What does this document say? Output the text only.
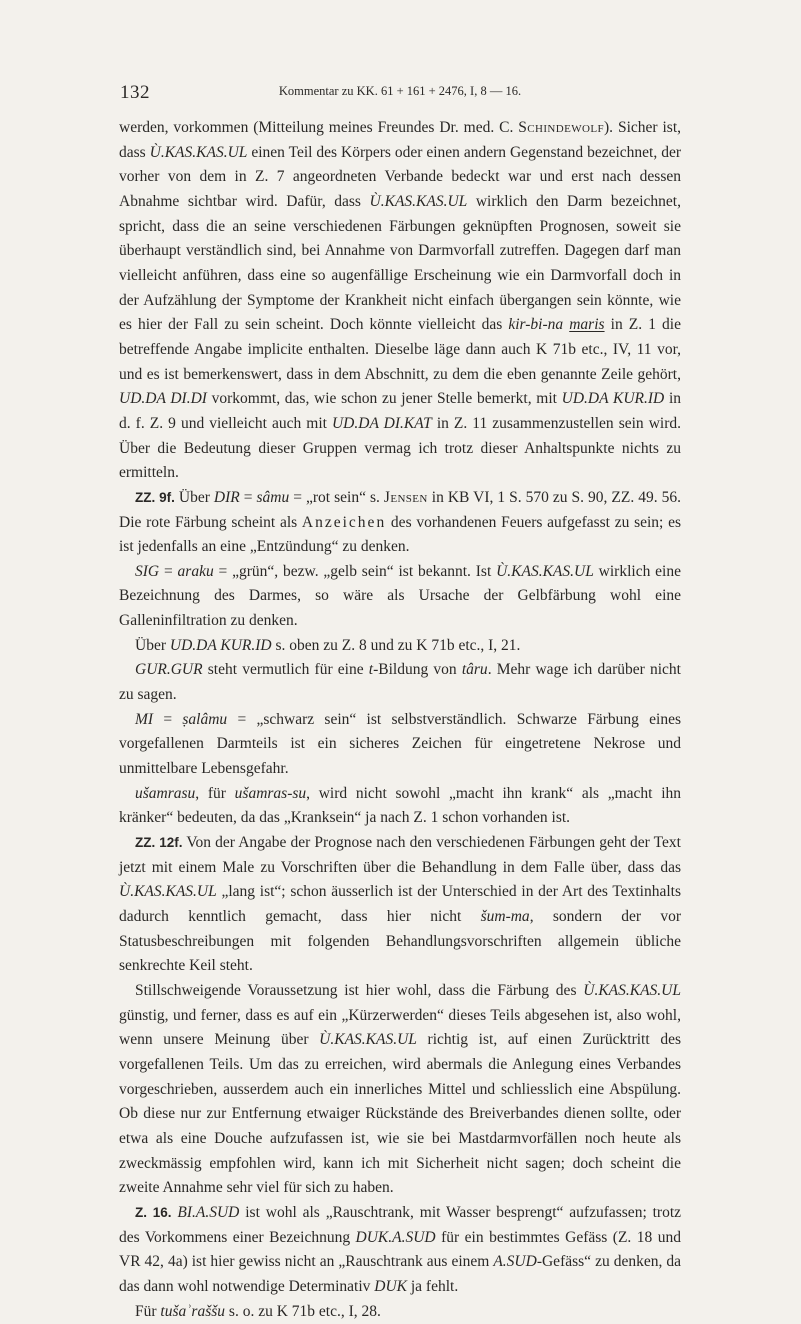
132	Kommentar zu KK. 61 + 161 + 2476, I, 8 — 16.

werden, vorkommen (Mitteilung meines Freundes Dr. med. C. Schindewolf). Sicher ist, dass Ù.KAS.KAS.UL einen Teil des Körpers oder einen andern Gegenstand bezeichnet, der vorher von dem in Z. 7 angeordneten Verbande bedeckt war und erst nach dessen Abnahme sichtbar wird. Dafür, dass Ù.KAS.KAS.UL wirklich den Darm bezeichnet, spricht, dass die an seine verschiedenen Färbungen geknüpften Prognosen, soweit sie überhaupt verständlich sind, bei Annahme von Darmvorfall zutreffen. Dagegen darf man vielleicht anführen, dass eine so augenfällige Erscheinung wie ein Darmvorfall doch in der Aufzählung der Symptome der Krankheit nicht einfach übergangen sein könnte, wie es hier der Fall zu sein scheint. Doch könnte vielleicht das kir-bi-na maris in Z. 1 die betreffende Angabe implicite enthalten. Dieselbe läge dann auch K 71b etc., IV, 11 vor, und es ist bemerkenswert, dass in dem Abschnitt, zu dem die eben genannte Zeile gehört, UD.DA DI.DI vorkommt, das, wie schon zu jener Stelle bemerkt, mit UD.DA KUR.ID in d. f. Z. 9 und vielleicht auch mit UD.DA DI.KAT in Z. 11 zusammenzustellen sein wird. Über die Bedeutung dieser Gruppen vermag ich trotz dieser Anhaltspunkte nichts zu ermitteln.

ZZ. 9f. Über DIR = sâmu = „rot sein“ s. Jensen in KB VI, 1 S. 570 zu S. 90, ZZ. 49. 56. Die rote Färbung scheint als Anzeichen des vorhandenen Feuers aufgefasst zu sein; es ist jedenfalls an eine „Entzündung“ zu denken.

SIG = araku = „grün“, bezw. „gelb sein“ ist bekannt. Ist Ù.KAS.KAS.UL wirklich eine Bezeichnung des Darmes, so wäre als Ursache der Gelbfärbung wohl eine Galleninfiltration zu denken.

Über UD.DA KUR.ID s. oben zu Z. 8 und zu K 71b etc., I, 21.

GUR.GUR steht vermutlich für eine t-Bildung von târu. Mehr wage ich darüber nicht zu sagen.

MI = ṣalâmu = „schwarz sein“ ist selbstverständlich. Schwarze Färbung eines vorgefallenen Darmteils ist ein sicheres Zeichen für eingetretene Nekrose und unmittelbare Lebensgefahr.

ušamrasu, für ušamras-su, wird nicht sowohl „macht ihn krank“ als „macht ihn kränker“ bedeuten, da das „Kranksein“ ja nach Z. 1 schon vorhanden ist.

ZZ. 12f. Von der Angabe der Prognose nach den verschiedenen Färbungen geht der Text jetzt mit einem Male zu Vorschriften über die Behandlung in dem Falle über, dass das Ù.KAS.KAS.UL „lang ist“; schon äusserlich ist der Unterschied in der Art des Textinhalts dadurch kenntlich gemacht, dass hier nicht šum-ma, sondern der vor Statusbeschreibungen mit folgenden Behandlungsvorschriften allgemein übliche senkrechte Keil steht.

Stillschweigende Voraussetzung ist hier wohl, dass die Färbung des Ù.KAS.KAS.UL günstig, und ferner, dass es auf ein „Kürzerwerden“ dieses Teils abgesehen ist, also wohl, wenn unsere Meinung über Ù.KAS.KAS.UL richtig ist, auf einen Zurücktritt des vorgefallenen Teils. Um das zu erreichen, wird abermals die Anlegung eines Verbandes vorgeschrieben, ausserdem auch ein innerliches Mittel und schliesslich eine Abspülung. Ob diese nur zur Entfernung etwaiger Rückstände des Breiverbandes dienen sollte, oder etwa als eine Douche aufzufassen ist, wie sie bei Mastdarmvorfällen noch heute als zweckmässig empfohlen wird, kann ich mit Sicherheit nicht sagen; doch scheint die zweite Annahme sehr viel für sich zu haben.

Z. 16. BI.A.SUD ist wohl als „Rauschtrank, mit Wasser besprengt“ aufzufassen; trotz des Vorkommens einer Bezeichnung DUK.A.SUD für ein bestimmtes Gefäss (Z. 18 und VR 42, 4a) ist hier gewiss nicht an „Rauschtrank aus einem A.SUD-Gefäss“ zu denken, da das dann wohl notwendige Determinativ DUK ja fehlt.

Für tušaʾraššu s. o. zu K 71b etc., I, 28.
